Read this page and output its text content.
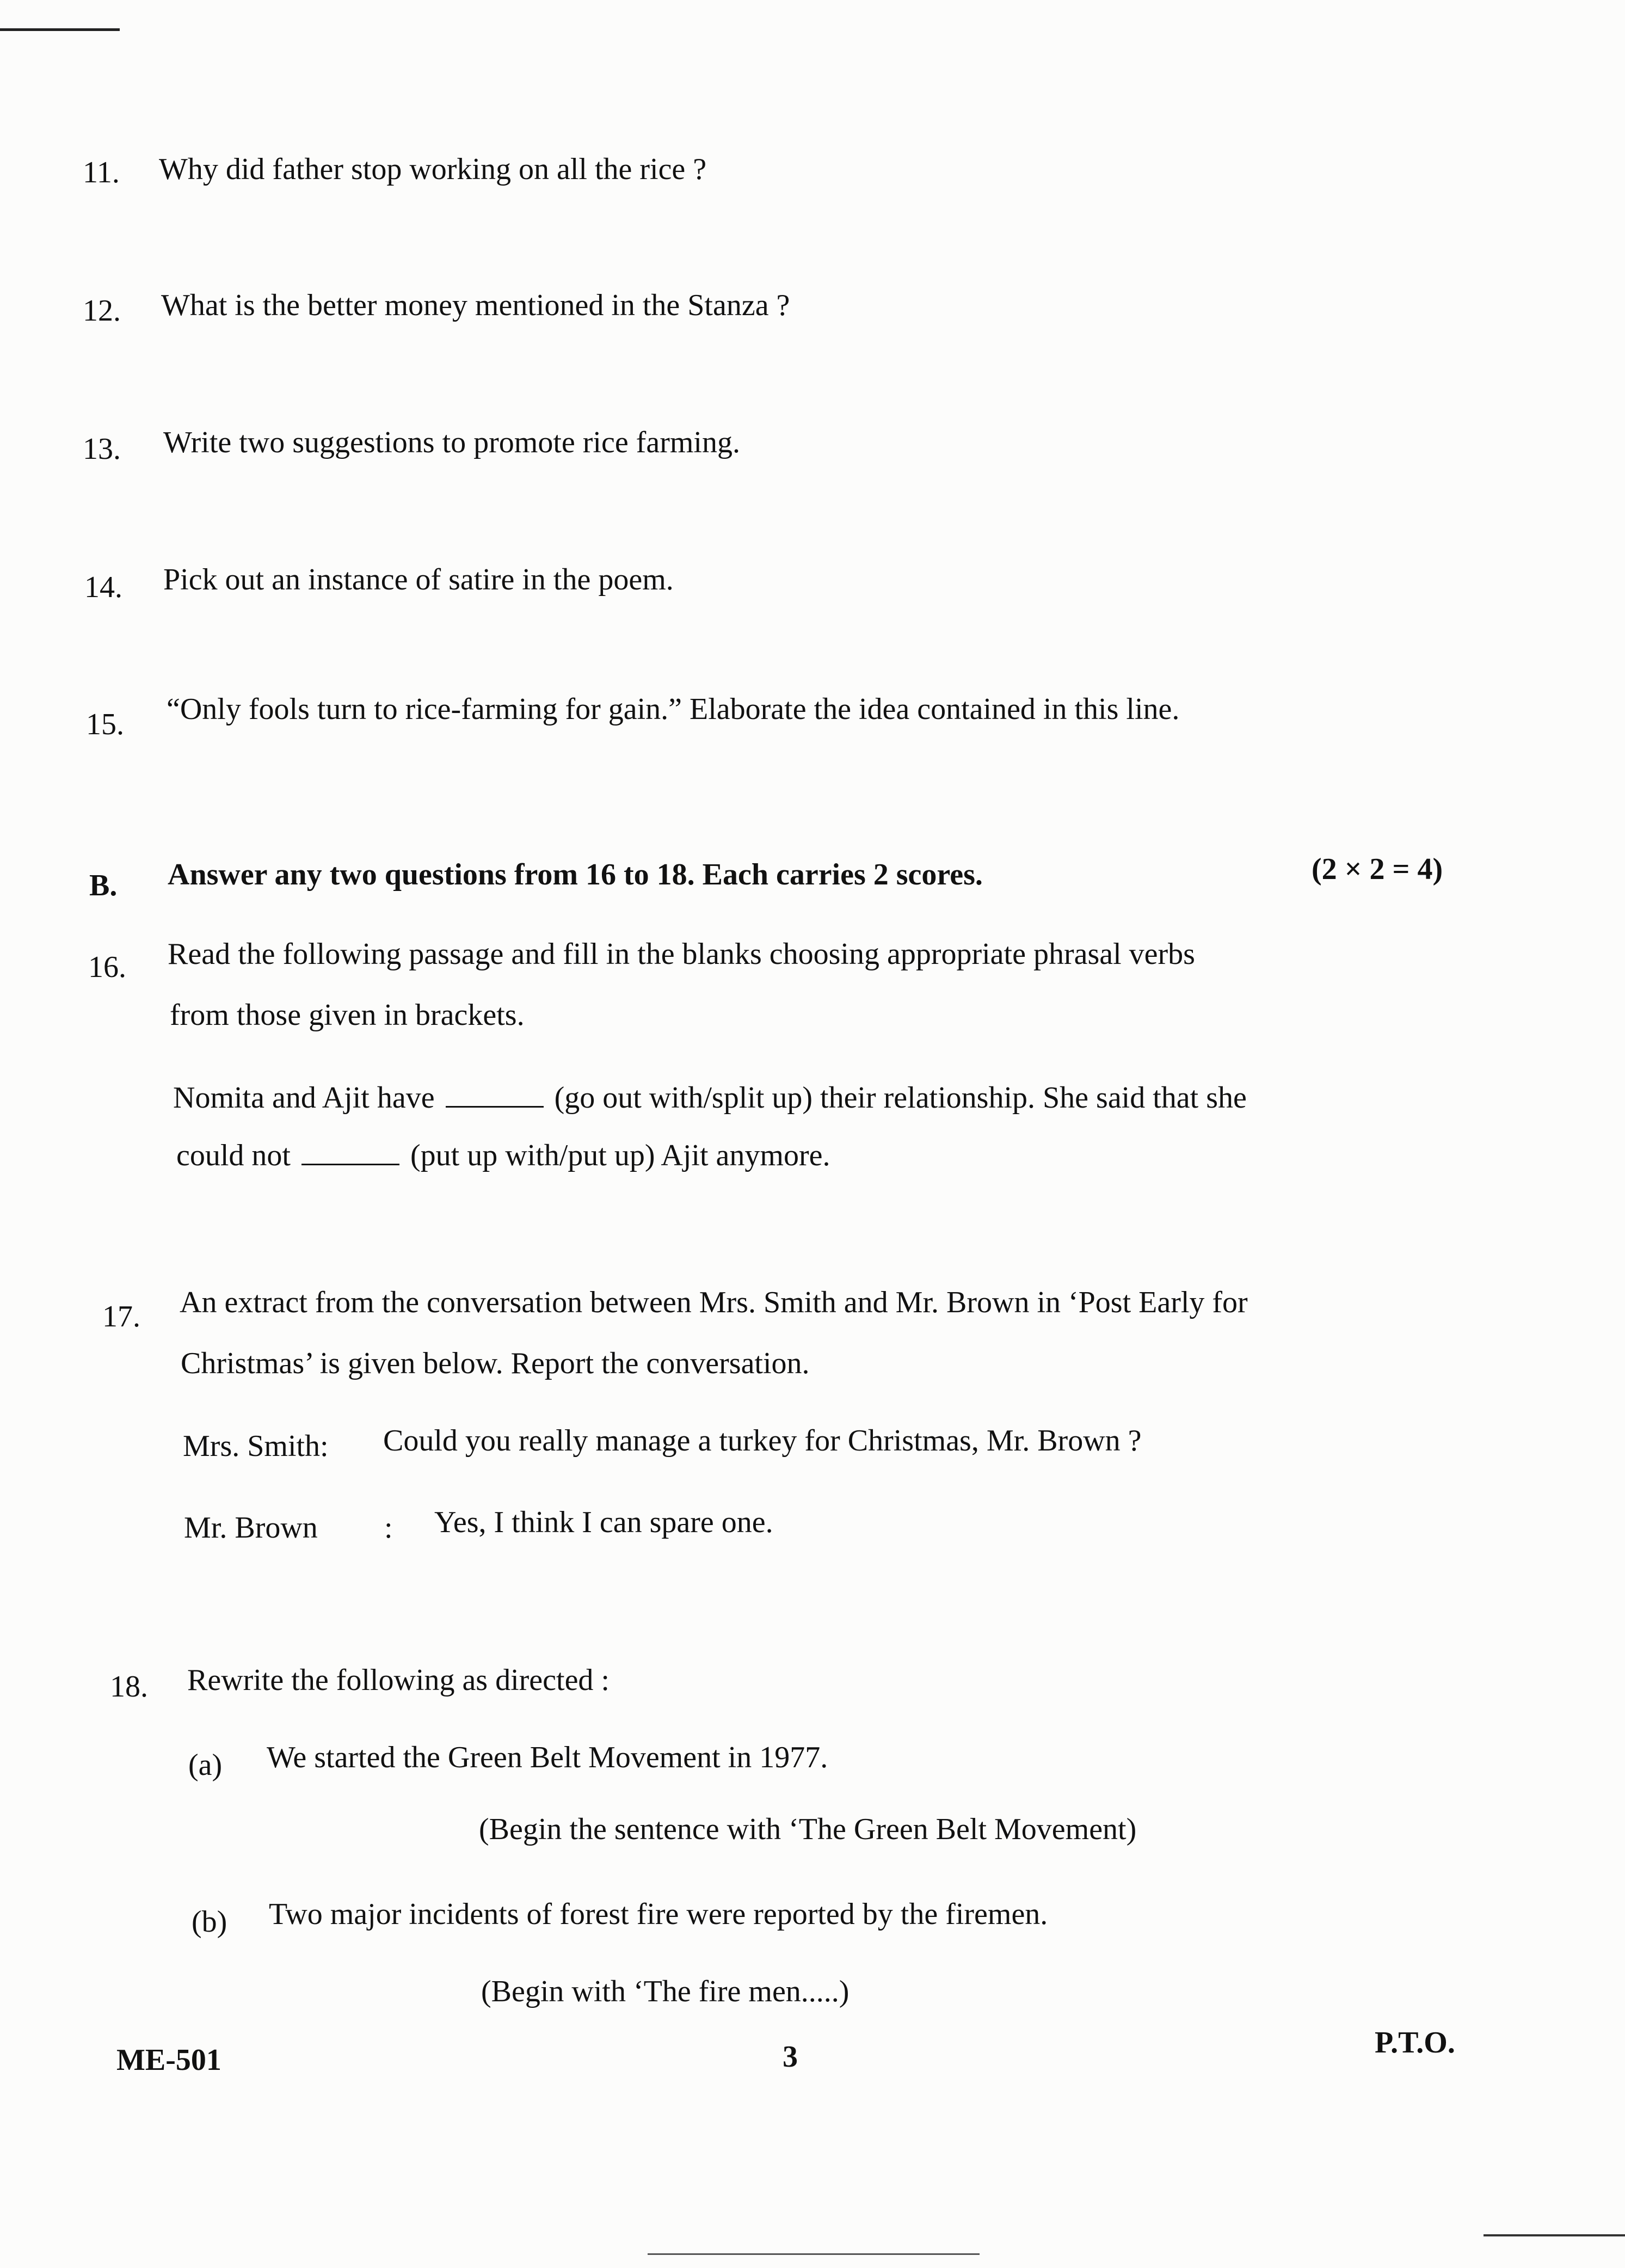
11. Why did father stop working on all the rice ?
12. What is the better money mentioned in the Stanza ?
13. Write two suggestions to promote rice farming.
14. Pick out an instance of satire in the poem.
15. “Only fools turn to rice-farming for gain.” Elaborate the idea contained in this line.
B. Answer any two questions from 16 to 18. Each carries 2 scores.	(2 × 2 = 4)
16. Read the following passage and fill in the blanks choosing appropriate phrasal verbs
from those given in brackets.
Nomita and Ajit have	(go out with/split up) their relationship. She said that she
could not	(put up with/put up) Ajit anymore.
17. An extract from the conversation between Mrs. Smith and Mr. Brown in ‘Post Early for
Christmas’ is given below. Report the conversation.
Mrs. Smith: Could you really manage a turkey for Christmas, Mr. Brown ?
Mr. Brown : Yes, I think I can spare one.
18. Rewrite the following as directed :
(a) We started the Green Belt Movement in 1977.
(Begin the sentence with ‘The Green Belt Movement)
(b) Two major incidents of forest fire were reported by the firemen.
(Begin with ‘The fire men.....)
ME-501	3	P.T.O.
